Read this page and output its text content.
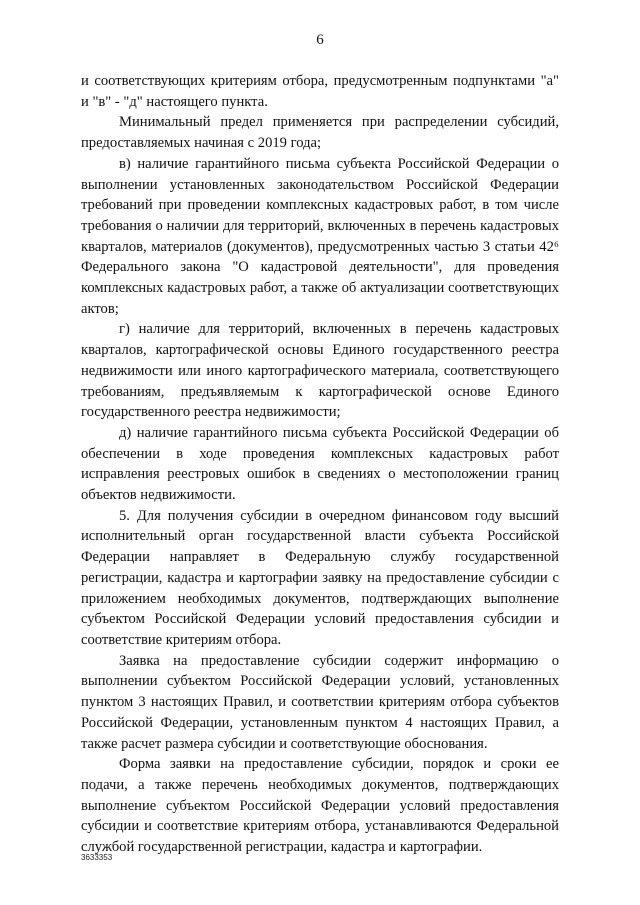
6

и соответствующих критериям отбора, предусмотренным подпунктами "а" и "в" - "д" настоящего пункта.

Минимальный предел применяется при распределении субсидий, предоставляемых начиная с 2019 года;

в) наличие гарантийного письма субъекта Российской Федерации о выполнении установленных законодательством Российской Федерации требований при проведении комплексных кадастровых работ, в том числе требования о наличии для территорий, включенных в перечень кадастровых кварталов, материалов (документов), предусмотренных частью 3 статьи 42⁶ Федерального закона "О кадастровой деятельности", для проведения комплексных кадастровых работ, а также об актуализации соответствующих актов;

г) наличие для территорий, включенных в перечень кадастровых кварталов, картографической основы Единого государственного реестра недвижимости или иного картографического материала, соответствующего требованиям, предъявляемым к картографической основе Единого государственного реестра недвижимости;

д) наличие гарантийного письма субъекта Российской Федерации об обеспечении в ходе проведения комплексных кадастровых работ исправления реестровых ошибок в сведениях о местоположении границ объектов недвижимости.

5. Для получения субсидии в очередном финансовом году высший исполнительный орган государственной власти субъекта Российской Федерации направляет в Федеральную службу государственной регистрации, кадастра и картографии заявку на предоставление субсидии с приложением необходимых документов, подтверждающих выполнение субъектом Российской Федерации условий предоставления субсидии и соответствие критериям отбора.

Заявка на предоставление субсидии содержит информацию о выполнении субъектом Российской Федерации условий, установленных пунктом 3 настоящих Правил, и соответствии критериям отбора субъектов Российской Федерации, установленным пунктом 4 настоящих Правил, а также расчет размера субсидии и соответствующие обоснования.

Форма заявки на предоставление субсидии, порядок и сроки ее подачи, а также перечень необходимых документов, подтверждающих выполнение субъектом Российской Федерации условий предоставления субсидии и соответствие критериям отбора, устанавливаются Федеральной службой государственной регистрации, кадастра и картографии.

3633353
